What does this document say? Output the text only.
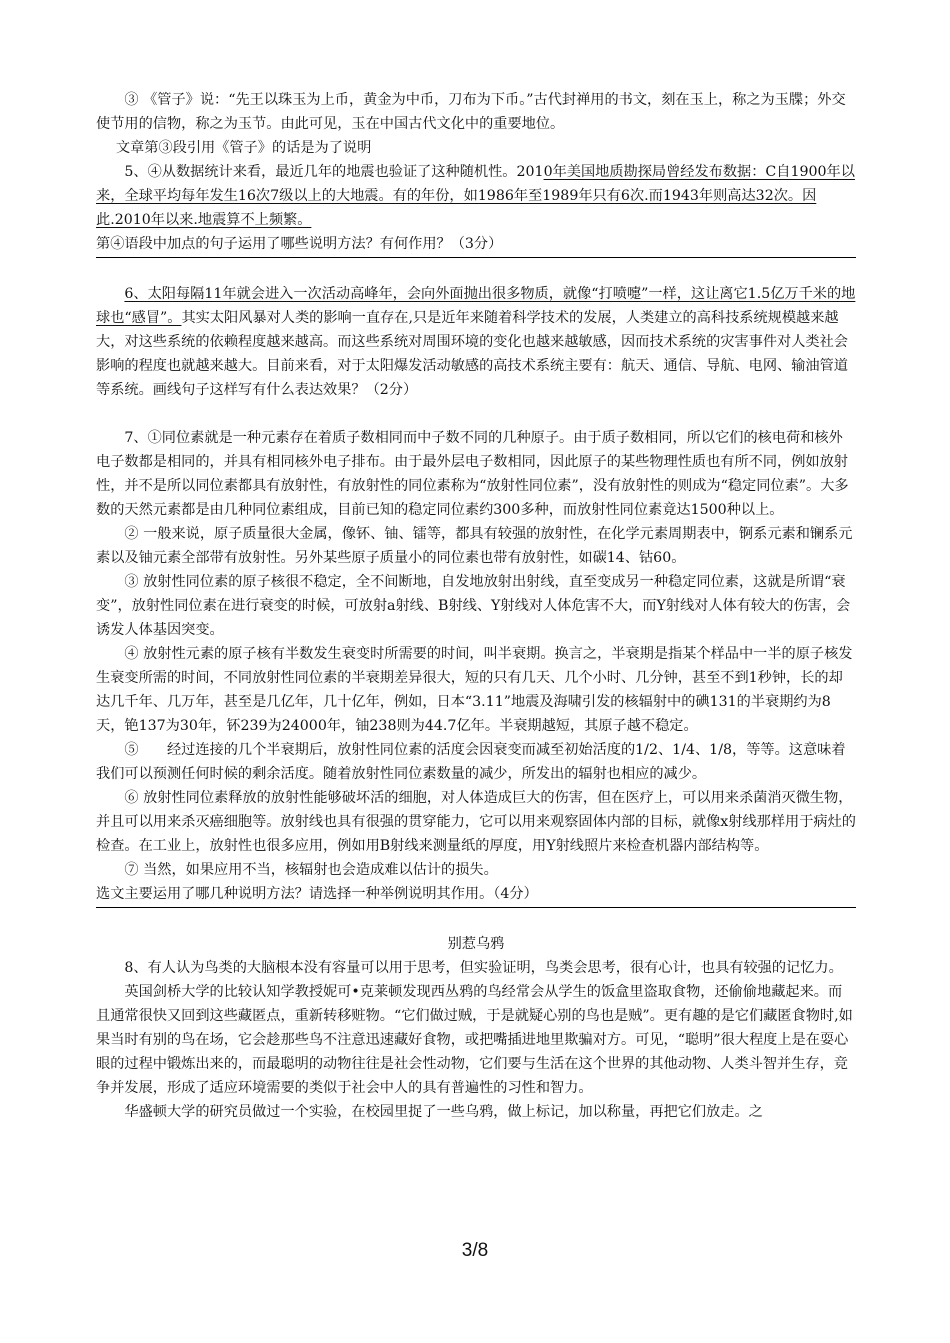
③ 《管子》说：“先王以珠玉为上币，黄金为中币，刀布为下币。”古代封禅用的书文，刻在玉上，称之为玉牒；外交使节用的信物，称之为玉节。由此可见，玉在中国古代文化中的重要地位。

文章第③段引用《管子》的话是为了说明

5、④从数据统计来看，最近几年的地震也验证了这种随机性。2010年美国地质勘探局曾经发布数据：C自1900年以来，全球平均每年发生16次7级以上的大地震。有的年份，如1986年至1989年只有6次.而1943年则高达32次。因此.2010年以来.地震算不上频繁。

第④语段中加点的句子运用了哪些说明方法？有何作用？（3分）

6、太阳每隔11年就会进入一次活动高峰年，会向外面抛出很多物质，就像“打喷嚏”一样，这让离它1.5亿万千米的地球也“感冒”。其实太阳风暴对人类的影响一直存在,只是近年来随着科学技术的发展，人类建立的高科技系统规模越来越大，对这些系统的依赖程度越来越高。而这些系统对周围环境的变化也越来越敏感，因而技术系统的灾害事件对人类社会影响的程度也就越来越大。目前来看，对于太阳爆发活动敏感的高技术系统主要有：航天、通信、导航、电网、输油管道等系统。画线句子这样写有什么表达效果？（2分）

7、①同位素就是一种元素存在着质子数相同而中子数不同的几种原子。由于质子数相同，所以它们的核电荷和核外电子数都是相同的，并具有相同核外电子排布。由于最外层电子数相同，因此原子的某些物理性质也有所不同，例如放射性，并不是所以同位素都具有放射性，有放射性的同位素称为“放射性同位素”，没有放射性的则成为“稳定同位素”。大多数的天然元素都是由几种同位素组成，目前已知的稳定同位素约300多种，而放射性同位素竟达1500种以上。

② 一般来说，原子质量很大金属，像钚、铀、镭等，都具有较强的放射性，在化学元素周期表中，锕系元素和镧系元素以及铀元素全部带有放射性。另外某些原子质量小的同位素也带有放射性，如碳14、钴60。

③ 放射性同位素的原子核很不稳定，全不间断地，自发地放射出射线，直至变成另一种稳定同位素，这就是所谓“衰变”，放射性同位素在进行衰变的时候，可放射a射线、B射线、Y射线对人体危害不大，而Y射线对人体有较大的伤害，会诱发人体基因突变。

④ 放射性元素的原子核有半数发生衰变时所需要的时间，叫半衰期。换言之，半衰期是指某个样品中一半的原子核发生衰变所需的时间，不同放射性同位素的半衰期差异很大，短的只有几天、几个小时、几分钟，甚至不到1秒钟，长的却达几千年、几万年，甚至是几亿年，几十亿年，例如，日本“3.11”地震及海啸引发的核辐射中的碘131的半衰期约为8天，铯137为30年，钚239为24000年，铀238则为44.7亿年。半衰期越短，其原子越不稳定。

⑤　　经过连接的几个半衰期后，放射性同位素的活度会因衰变而减至初始活度的1/2、1/4、1/8，等等。这意味着我们可以预测任何时候的剩余活度。随着放射性同位素数量的减少，所发出的辐射也相应的减少。

⑥ 放射性同位素释放的放射性能够破坏活的细胞，对人体造成巨大的伤害，但在医疗上，可以用来杀菌消灭微生物，并且可以用来杀灭癌细胞等。放射线也具有很强的贯穿能力，它可以用来观察固体内部的目标，就像x射线那样用于病灶的检查。在工业上，放射性也很多应用，例如用B射线来测量纸的厚度，用Y射线照片来检查机器内部结构等。

⑦ 当然，如果应用不当，核辐射也会造成难以估计的损失。

选文主要运用了哪几种说明方法？请选择一种举例说明其作用。（4分）

别惹乌鸦

8、有人认为鸟类的大脑根本没有容量可以用于思考，但实验证明，鸟类会思考，很有心计，也具有较强的记忆力。

英国剑桥大学的比较认知学教授妮可•克莱顿发现西丛鸦的鸟经常会从学生的饭盒里盗取食物，还偷偷地藏起来。而且通常很快又回到这些藏匿点，重新转移赃物。“它们做过贼，于是就疑心别的鸟也是贼”。更有趣的是它们藏匿食物时,如果当时有别的鸟在场，它会趁那些鸟不注意迅速藏好食物，或把嘴插进地里欺骗对方。可见，“聪明”很大程度上是在耍心眼的过程中锻炼出来的，而最聪明的动物往往是社会性动物，它们要与生活在这个世界的其他动物、人类斗智并生存，竞争并发展，形成了适应环境需要的类似于社会中人的具有普遍性的习性和智力。

华盛顿大学的研究员做过一个实验，在校园里捉了一些乌鸦，做上标记，加以称量，再把它们放走。之

3/8
